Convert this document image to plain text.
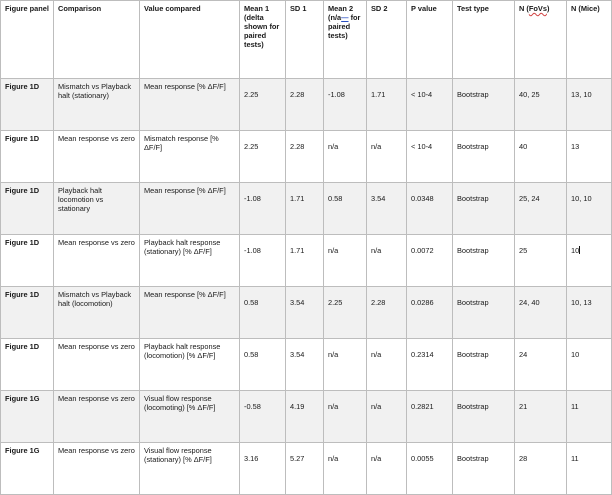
Figure panel	Comparison	Value compared	Mean 1 (delta shown for paired tests)	SD 1	Mean 2 (n/a— for paired tests)	SD 2	P value	Test type	N (FoVs)	N (Mice)
Figure 1D	Mismatch vs Playback halt (stationary)	Mean response [% ΔF/F]	2.25	2.28	-1.08	1.71	< 10-4	Bootstrap	40, 25	13, 10
Figure 1D	Mean response vs zero	Mismatch response [% ΔF/F]	2.25	2.28	n/a	n/a	< 10-4	Bootstrap	40	13
Figure 1D	Playback halt locomotion vs stationary	Mean response [% ΔF/F]	-1.08	1.71	0.58	3.54	0.0348	Bootstrap	25, 24	10, 10
Figure 1D	Mean response vs zero	Playback halt response (stationary) [% ΔF/F]	-1.08	1.71	n/a	n/a	0.0072	Bootstrap	25	10
Figure 1D	Mismatch vs Playback halt (locomotion)	Mean response [% ΔF/F]	0.58	3.54	2.25	2.28	0.0286	Bootstrap	24, 40	10, 13
Figure 1D	Mean response vs zero	Playback halt response (locomotion) [% ΔF/F]	0.58	3.54	n/a	n/a	0.2314	Bootstrap	24	10
Figure 1G	Mean response vs zero	Visual flow response (locomoting) [% ΔF/F]	-0.58	4.19	n/a	n/a	0.2821	Bootstrap	21	11
Figure 1G	Mean response vs zero	Visual flow response (stationary) [% ΔF/F]	3.16	5.27	n/a	n/a	0.0055	Bootstrap	28	11
